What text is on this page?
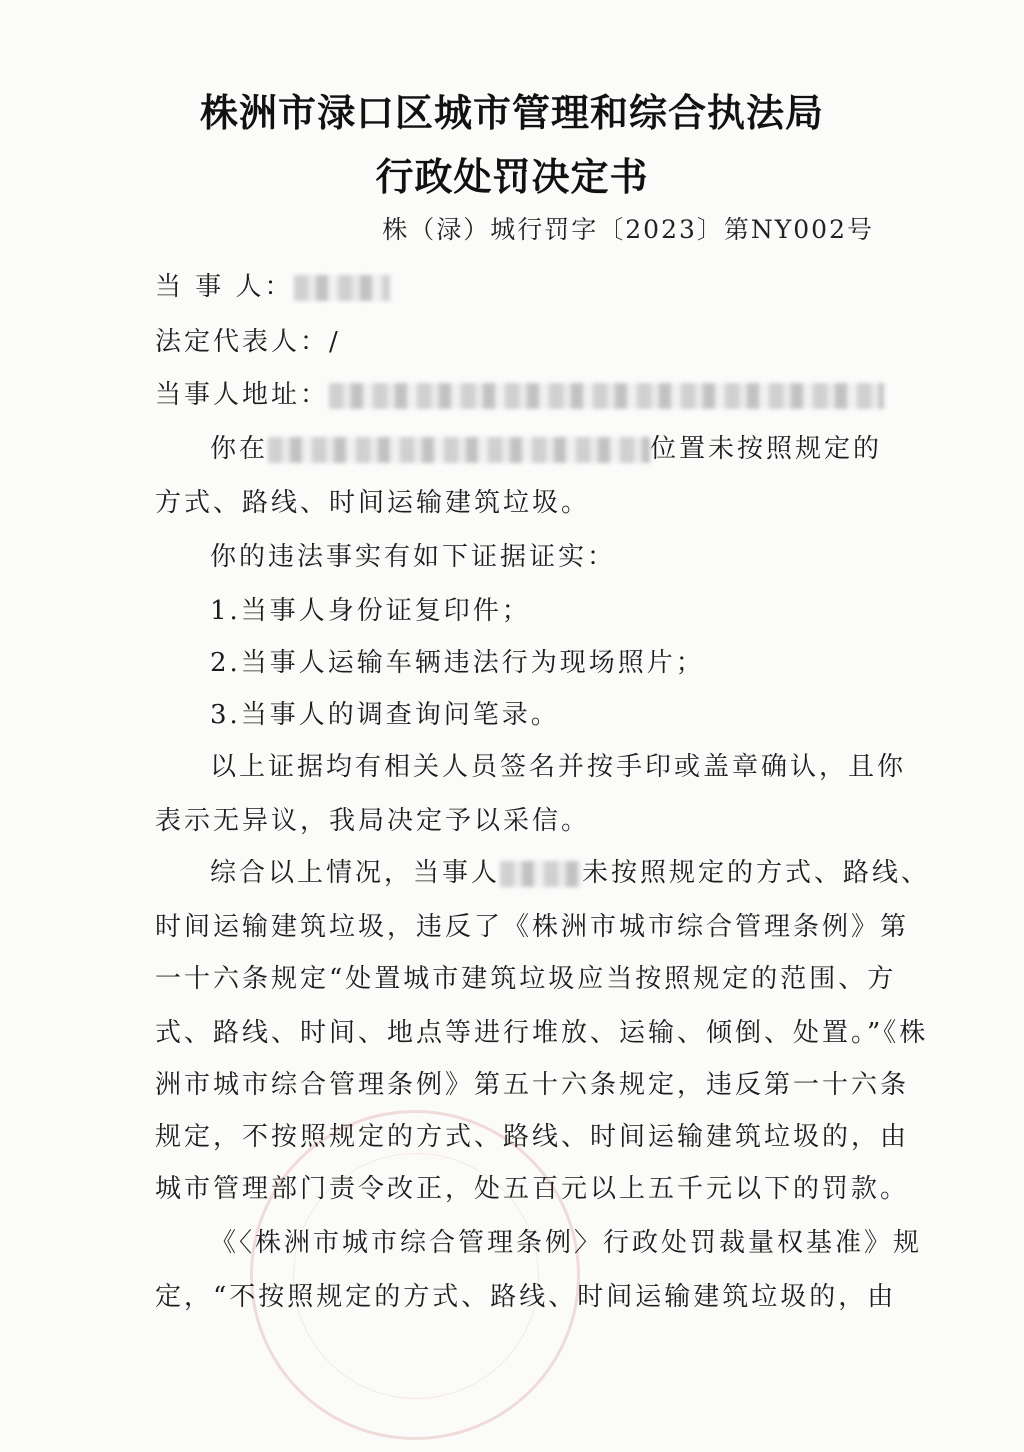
株洲市渌口区城市管理和综合执法局
行政处罚决定书
株（渌）城行罚字〔2023〕第NY002号
当 事 人：
法定代表人：/
当事人地址：
你在	位置未按照规定的
方式、路线、时间运输建筑垃圾。
你的违法事实有如下证据证实：
1.当事人身份证复印件；
2.当事人运输车辆违法行为现场照片；
3.当事人的调查询问笔录。
以上证据均有相关人员签名并按手印或盖章确认，且你
表示无异议，我局决定予以采信。
综合以上情况，当事人	未按照规定的方式、路线、
时间运输建筑垃圾，违反了《株洲市城市综合管理条例》第
一十六条规定“处置城市建筑垃圾应当按照规定的范围、方
式、路线、时间、地点等进行堆放、运输、倾倒、处置。”《株
洲市城市综合管理条例》第五十六条规定，违反第一十六条
规定，不按照规定的方式、路线、时间运输建筑垃圾的，由
城市管理部门责令改正，处五百元以上五千元以下的罚款。
《〈株洲市城市综合管理条例〉行政处罚裁量权基准》规
定，“不按照规定的方式、路线、时间运输建筑垃圾的，由
